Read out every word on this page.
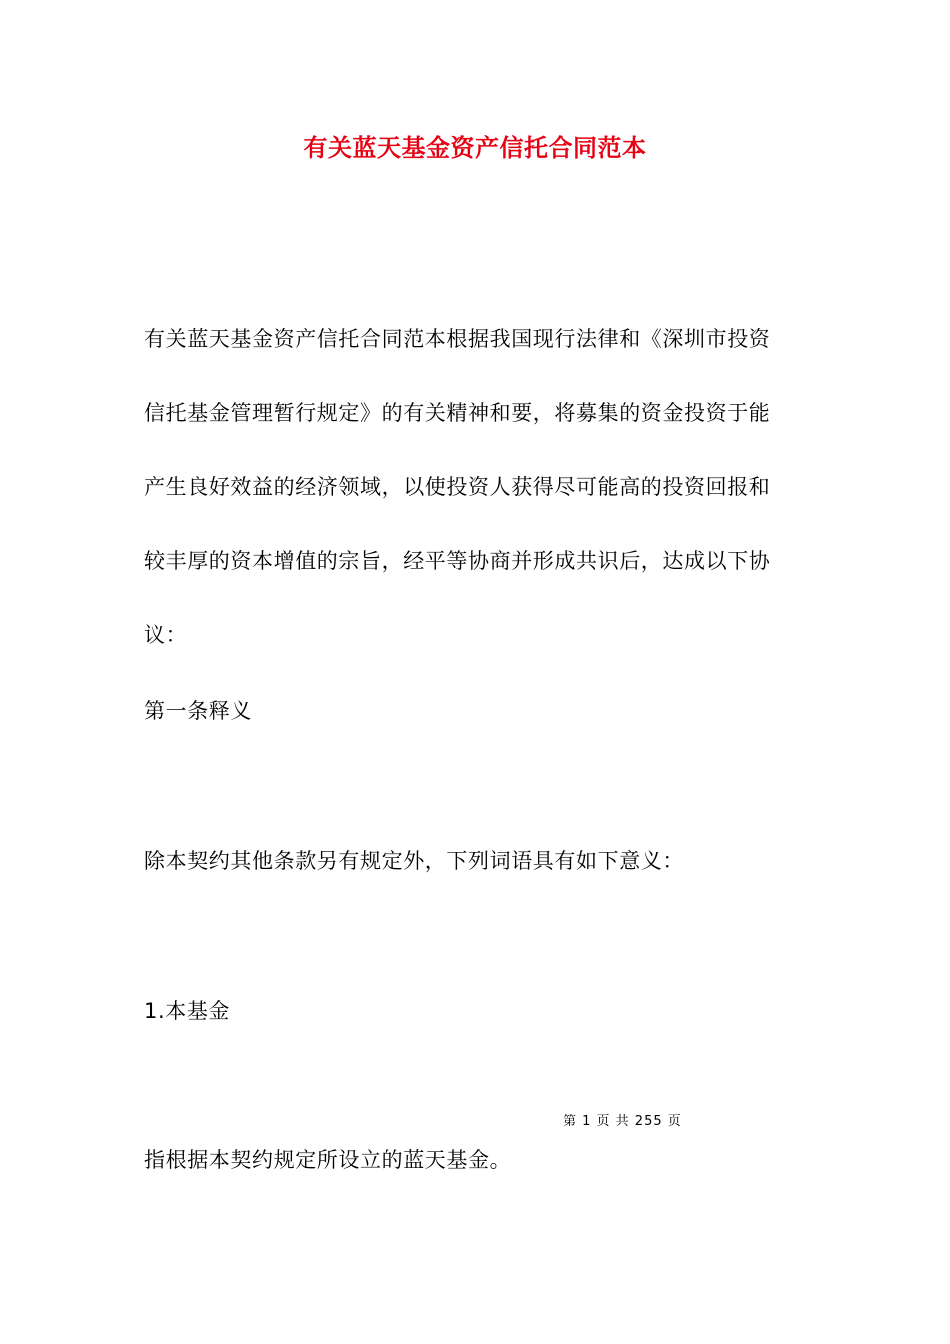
有关蓝天基金资产信托合同范本
有关蓝天基金资产信托合同范本根据我国现行法律和《深圳市投资
信托基金管理暂行规定》的有关精神和要，将募集的资金投资于能
产生良好效益的经济领域，以使投资人获得尽可能高的投资回报和
较丰厚的资本增值的宗旨，经平等协商并形成共识后，达成以下协
议：
第一条释义
除本契约其他条款另有规定外，下列词语具有如下意义：
1.本基金
第 1 页 共 255 页
指根据本契约规定所设立的蓝天基金。
